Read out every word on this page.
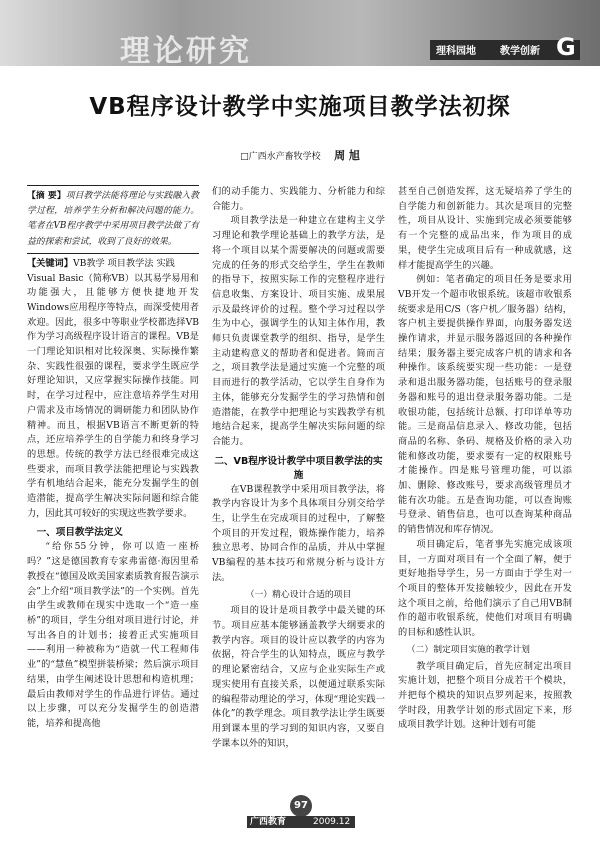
理论研究	理科园地 教学创新 G
VB程序设计教学中实施项目教学法初探
□广西水产畜牧学校 周 旭

【摘 要】项目教学法能将理论与实践融入教学过程，培养学生分析和解决问题的能力。笔者在VB程序教学中采用项目教学法做了有益的探索和尝试，收到了良好的效果。

【关键词】VB教学 项目教学法 实践

Visual Basic（简称VB）以其易学易用和功能强大，且能够方便快捷地开发Windows应用程序等特点，而深受使用者欢迎。因此，很多中等职业学校都选择VB作为学习高级程序设计语言的课程。VB是一门理论知识相对比较深奥、实际操作繁杂、实践性很强的课程，要求学生既应学好理论知识，又应掌握实际操作技能。同时，在学习过程中，应注意培养学生对用户需求及市场情况的调研能力和团队协作精神。而且，根据VB语言不断更新的特点，还应培养学生的自学能力和终身学习的思想。传统的教学方法已经很难完成这些要求，而项目教学法能把理论与实践教学有机地结合起来，能充分发掘学生的创造潜能，提高学生解决实际问题和综合能力，因此其可较好的实现这些教学要求。

一、项目教学法定义

“给你55分钟，你可以造一座桥吗？”这是德国教育专家弗雷德·海因里希教授在“德国及欧美国家素质教育报告演示会”上介绍“项目教学法”的一个实例。首先由学生或教师在现实中选取一个“造一座桥”的项目，学生分组对项目进行讨论，并写出各自的计划书；接着正式实施项目——利用一种被称为“造就一代工程师伟业”的“慧鱼”模型拼装桥梁；然后演示项目结果，由学生阐述设计思想和构造机理；最后由教师对学生的作品进行评估。通过以上步骤，可以充分发掘学生的创造潜能，培养和提高他

们的动手能力、实践能力、分析能力和综合能力。

项目教学法是一种建立在建构主义学习理论和教学理论基础上的教学方法，是将一个项目以某个需要解决的问题或需要完成的任务的形式交给学生，学生在教师的指导下，按照实际工作的完整程序进行信息收集、方案设计、项目实施、成果展示及最终评价的过程。整个学习过程以学生为中心，强调学生的认知主体作用，教师只负责课堂教学的组织、指导，是学生主动建构意义的帮助者和促进者。简而言之，项目教学法是通过实施一个完整的项目而进行的教学活动，它以学生自身作为主体，能够充分发掘学生的学习热情和创造潜能，在教学中把理论与实践教学有机地结合起来，提高学生解决实际问题的综合能力。

二、VB程序设计教学中项目教学法的实施

在VB课程教学中采用项目教学法，将教学内容设计为多个具体项目分别交给学生，让学生在完成项目的过程中，了解整个项目的开发过程，锻炼操作能力，培养独立思考、协同合作的品质，并从中掌握VB编程的基本技巧和常规分析与设计方法。

（一）精心设计合适的项目

项目的设计是项目教学中最关键的环节。项目应基本能够涵盖教学大纲要求的教学内容。项目的设计应以教学的内容为依据，符合学生的认知特点，既应与教学的理论紧密结合，又应与企业实际生产或现实使用有直接关系，以便通过联系实际的编程带动理论的学习，体现“理论实践一体化”的教学理念。项目教学法让学生既要用到课本里的学习到的知识内容，又要自学课本以外的知识，

甚至自己创造发挥，这无疑培养了学生的自学能力和创新能力。其次是项目的完整性，项目从设计、实施到完成必须要能够有一个完整的成品出来，作为项目的成果，使学生完成项目后有一种成就感，这样才能提高学生的兴趣。

例如：笔者确定的项目任务是要求用VB开发一个超市收银系统。该超市收银系统要求是用C/S（客户机／服务器）结构，客户机主要提供操作界面，向服务器发送操作请求，并显示服务器返回的各种操作结果；服务器主要完成客户机的请求和各种操作。该系统要实现一些功能：一是登录和退出服务器功能，包括账号的登录服务器和账号的退出登录服务器功能。二是收银功能，包括统计总额、打印详单等功能。三是商品信息录入、修改功能，包括商品的名称、条码、规格及价格的录入功能和修改功能，要求要有一定的权限账号才能操作。四是账号管理功能，可以添加、删除、修改账号，要求高级管理员才能有次功能。五是查询功能，可以查询账号登录、销售信息，也可以查询某种商品的销售情况和库存情况。

项目确定后，笔者事先实施完成该项目，一方面对项目有一个全面了解，便于更好地指导学生，另一方面由于学生对一个项目的整体开发接触较少，因此在开发这个项目之前，给他们演示了自己用VB制作的超市收银系统，使他们对项目有明确的目标和感性认识。

（二）制定项目实施的教学计划

教学项目确定后，首先应制定出项目实施计划，把整个项目分成若干个模块，并把每个模块的知识点罗列起来，按照教学时段，用教学计划的形式固定下来，形成项目教学计划。这种计划有可能

97
广西教育	2009.12
